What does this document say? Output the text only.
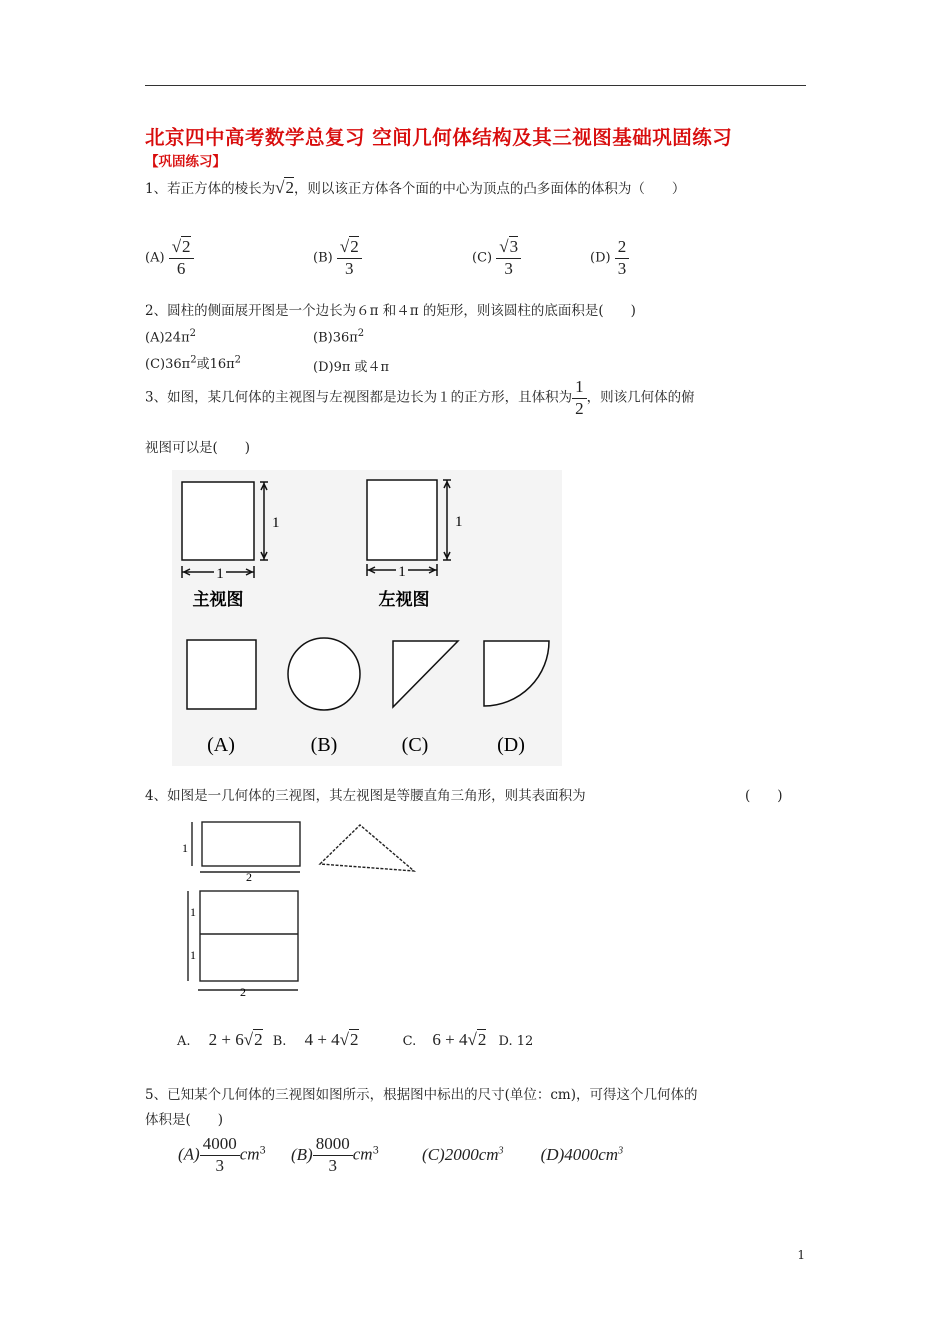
北京四中高考数学总复习 空间几何体结构及其三视图基础巩固练习
【巩固练习】
1、若正方体的棱长为√2，则以该正方体各个面的中心为顶点的凸多面体的体积为（　　）
$(A) \frac{√2}{6}$	$(B) \frac{√2}{3}$	$(C) \frac{√3}{3}$	$(D) \frac{2}{3}$
2、圆柱的侧面展开图是一个边长为６π 和４π 的矩形，则该圆柱的底面积是(　　)
$(A)24\pi^2$	$(B)36\pi^2$
$(C)36\pi^2$或$16\pi^2$	(D)9π 或４π
3、如图，某几何体的主视图与左视图都是边长为１的正方形，且体积为 $\frac{1}{2}$ ，则该几何体的俯
视图可以是(　　)
1
1
主视图
1
1
左视图
(A)	(B)	(C)	(D)
4、如图是一几何体的三视图，其左视图是等腰直角三角形，则其表面积为	(　　)
1
2
1
1
2
A. 2 + 6√2 B. 4 + 4√2	C. 6 + 4√2 D. 12
5、已知某个几何体的三视图如图所示，根据图中标出的尺寸(单位：cm)，可得这个几何体的
体积是(　　)
$(A) \frac{4000}{3} cm^3$ $(B) \frac{8000}{3} cm^3$	$(C)2000cm^3$ $(D)4000cm^3$
1
